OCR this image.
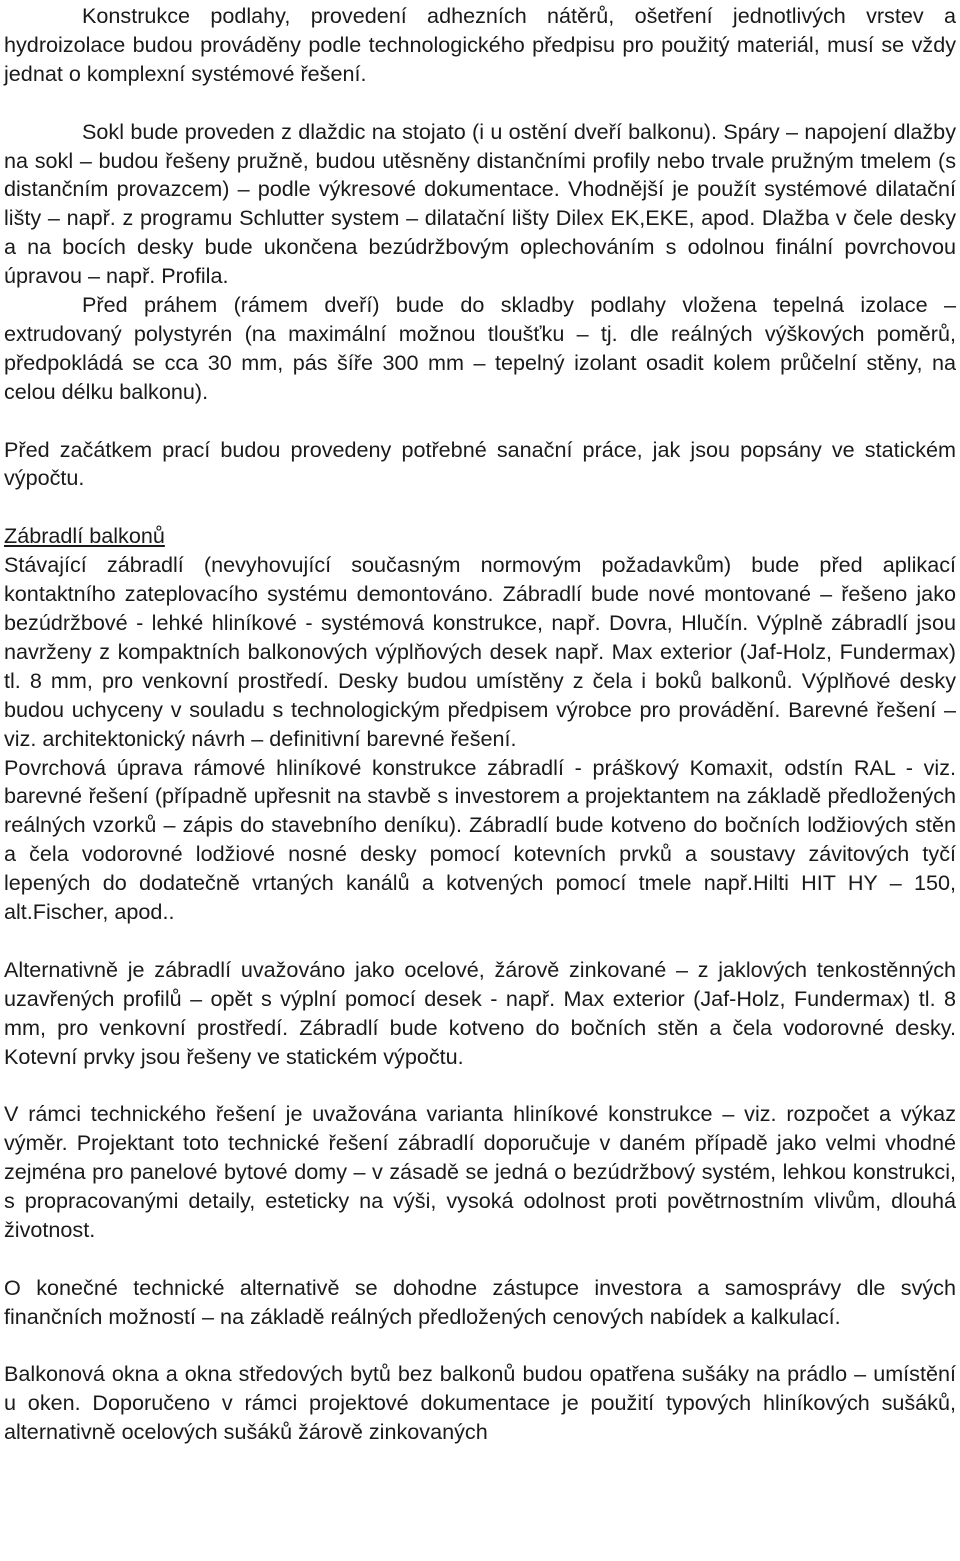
Konstrukce podlahy, provedení adhezních nátěrů, ošetření jednotlivých vrstev a hydroizolace budou prováděny podle technologického předpisu pro použitý materiál, musí se vždy jednat o komplexní systémové řešení.

Sokl bude proveden z dlaždic na stojato (i u ostění dveří balkonu). Spáry – napojení dlažby na sokl – budou řešeny pružně, budou utěsněny distančními profily nebo trvale pružným tmelem (s distančním provazcem) – podle výkresové dokumentace. Vhodnější je použít systémové dilatační lišty – např. z programu Schlutter system – dilatační lišty Dilex EK,EKE, apod. Dlažba v čele desky a na bocích desky bude ukončena bezúdržbovým oplechováním s odolnou finální povrchovou úpravou – např. Profila.

Před práhem (rámem dveří) bude do skladby podlahy vložena tepelná izolace – extrudovaný polystyrén (na maximální možnou tloušťku – tj. dle reálných výškových poměrů, předpokládá se cca 30 mm, pás šíře 300 mm – tepelný izolant osadit kolem průčelní stěny, na celou délku balkonu).

Před začátkem prací budou provedeny potřebné sanační práce, jak jsou popsány ve statickém výpočtu.

Zábradlí balkonů

Stávající zábradlí (nevyhovující současným normovým požadavkům) bude před aplikací kontaktního zateplovacího systému demontováno. Zábradlí bude nové montované – řešeno jako bezúdržbové - lehké hliníkové - systémová konstrukce, např. Dovra, Hlučín. Výplně zábradlí jsou navrženy z kompaktních balkonových výplňových desek např. Max exterior (Jaf-Holz, Fundermax) tl. 8 mm, pro venkovní prostředí. Desky budou umístěny z čela i boků balkonů. Výplňové desky budou uchyceny v souladu s technologickým předpisem výrobce pro provádění. Barevné řešení – viz. architektonický návrh – definitivní barevné řešení.

Povrchová úprava rámové hliníkové konstrukce zábradlí - práškový Komaxit, odstín RAL - viz. barevné řešení (případně upřesnit na stavbě s investorem a projektantem na základě předložených reálných vzorků – zápis do stavebního deníku). Zábradlí bude kotveno do bočních lodžiových stěn a čela vodorovné lodžiové nosné desky pomocí kotevních prvků a soustavy závitových tyčí lepených do dodatečně vrtaných kanálů a kotvených pomocí tmele např.Hilti HIT HY – 150, alt.Fischer, apod..

Alternativně je zábradlí uvažováno jako ocelové, žárově zinkované – z jaklových tenkostěnných uzavřených profilů – opět s výplní pomocí desek - např. Max exterior (Jaf-Holz, Fundermax) tl. 8 mm, pro venkovní prostředí. Zábradlí bude kotveno do bočních stěn a čela vodorovné desky. Kotevní prvky jsou řešeny ve statickém výpočtu.

V rámci technického řešení je uvažována varianta hliníkové konstrukce – viz. rozpočet a výkaz výměr. Projektant toto technické řešení zábradlí doporučuje v daném případě jako velmi vhodné zejména pro panelové bytové domy – v zásadě se jedná o bezúdržbový systém, lehkou konstrukci, s propracovanými detaily, esteticky na výši, vysoká odolnost proti povětrnostním vlivům, dlouhá životnost.

O konečné technické alternativě se dohodne zástupce investora a samosprávy dle svých finančních možností – na základě reálných předložených cenových nabídek a kalkulací.

Balkonová okna a okna středových bytů bez balkonů budou opatřena sušáky na prádlo – umístění u oken. Doporučeno v rámci projektové dokumentace je použití typových hliníkových sušáků, alternativně ocelových sušáků žárově zinkovaných
